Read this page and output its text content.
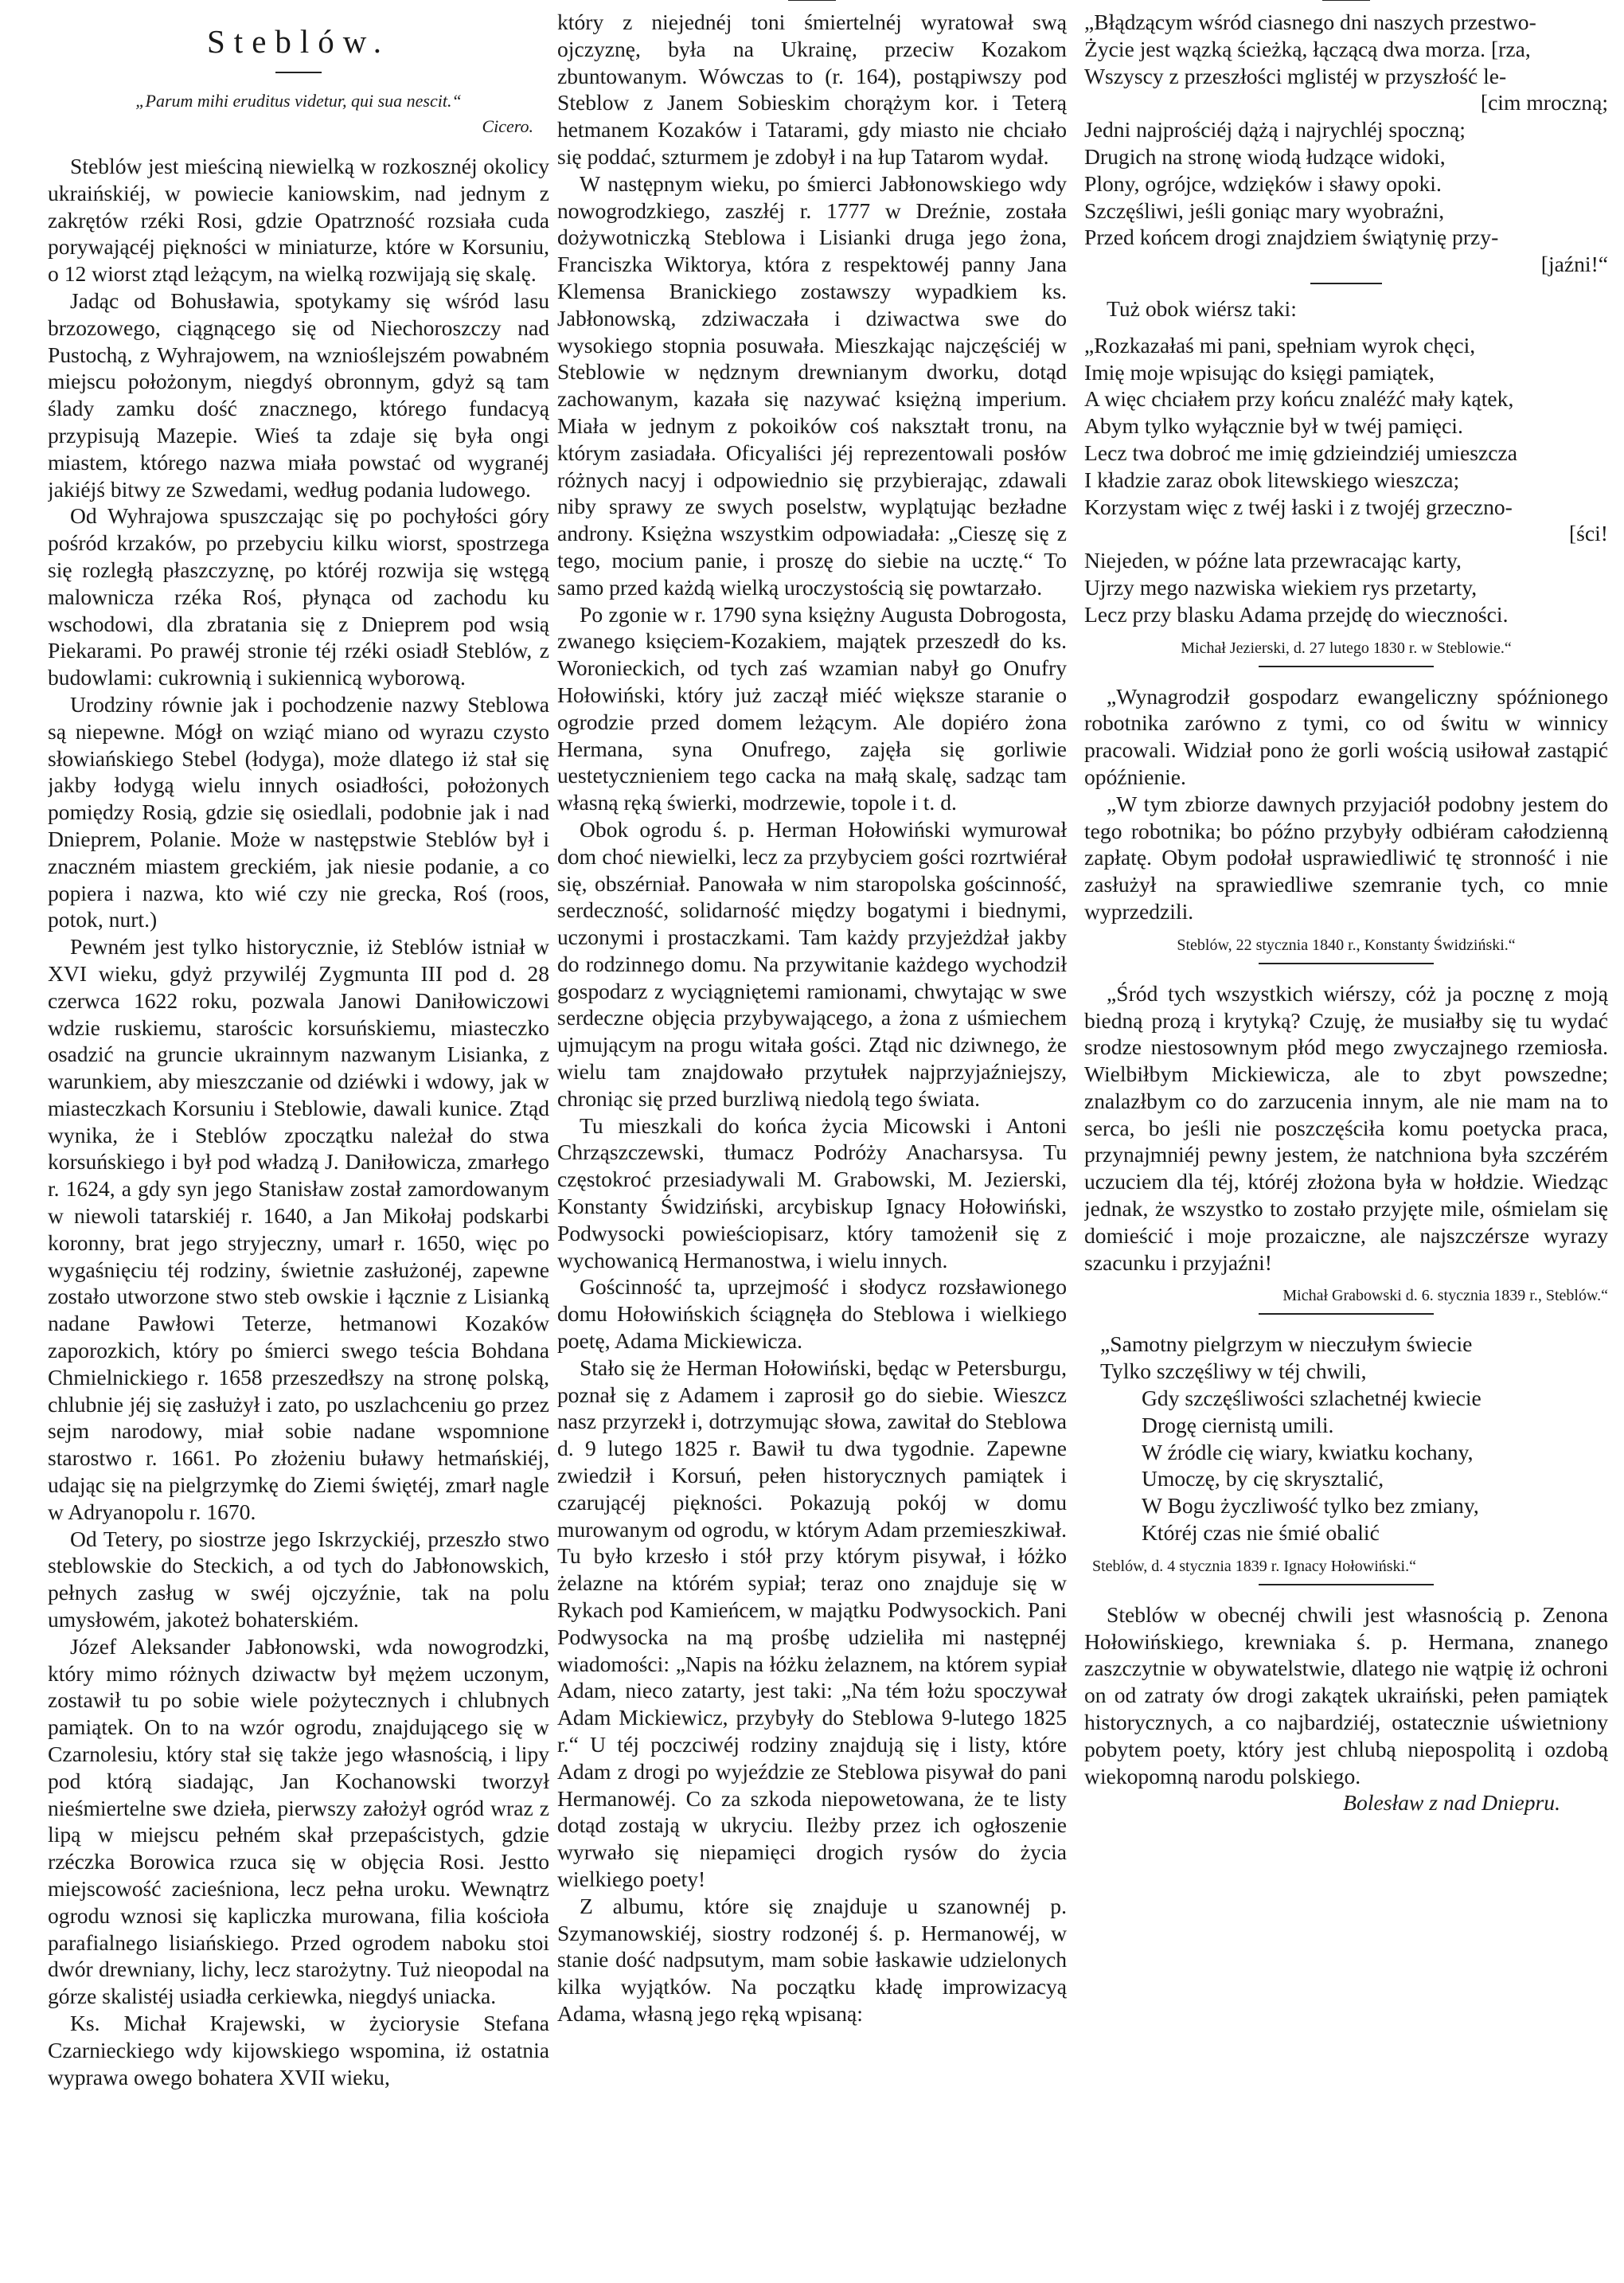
Steblów.
„Parum mihi eruditus videtur, qui sua nescit.“
Cicero.

Steblów jest mieściną niewielką w rozkosznéj okolicy ukraińskiéj, w powiecie kaniowskim, nad jednym z zakrętów rzéki Rosi, gdzie Opatrzność rozsiała cuda porywającéj piękności w miniaturze, które w Korsuniu, o 12 wiorst ztąd leżącym, na wielką rozwijają się skalę.

Jadąc od Bohusławia, spotykamy się wśród lasu brzozowego, ciągnącego się od Niechoroszczy nad Pustochą, z Wyhrajowem, na wznioślejszém powabném miejscu położonym, niegdyś obronnym, gdyż są tam ślady zamku dość znacznego, którego fundacyą przypisują Mazepie. Wieś ta zdaje się była ongi miastem, którego nazwa miała powstać od wygranéj jakiéjś bitwy ze Szwedami, według podania ludowego.

Od Wyhrajowa spuszczając się po pochyłości góry pośród krzaków, po przebyciu kilku wiorst, spostrzega się rozległą płaszczyznę, po któréj rozwija się wstęgą malownicza rzéka Roś, płynąca od zachodu ku wschodowi, dla zbratania się z Dnieprem pod wsią Piekarami. Po prawéj stronie téj rzéki osiadł Steblów, z budowlami: cukrownią i sukiennicą wyborową.

Urodziny równie jak i pochodzenie nazwy Steblowa są niepewne. Mógł on wziąć miano od wyrazu czysto słowiańskiego Stebel (łodyga), może dlatego iż stał się jakby łodygą wielu innych osiadłości, położonych pomiędzy Rosią, gdzie się osiedlali, podobnie jak i nad Dnieprem, Polanie. Może w następstwie Steblów był i znaczném miastem greckiém, jak niesie podanie, a co popiera i nazwa, kto wié czy nie grecka, Roś (roos, potok, nurt.)

Pewném jest tylko historycznie, iż Steblów istniał w XVI wieku, gdyż przywiléj Zygmunta III pod d. 28 czerwca 1622 roku, pozwala Janowi Daniłowiczowi wdzie ruskiemu, starościc korsuńskiemu, miasteczko osadzić na gruncie ukrainnym nazwanym Lisianka, z warunkiem, aby mieszczanie od dziéwki i wdowy, jak w miasteczkach Korsuniu i Steblowie, dawali kunice. Ztąd wynika, że i Steblów zpoczątku należał do stwa korsuńskiego i był pod władzą J. Daniłowicza, zmarłego r. 1624, a gdy syn jego Stanisław został zamordowanym w niewoli tatarskiéj r. 1640, a Jan Mikołaj podskarbi koronny, brat jego stryjeczny, umarł r. 1650, więc po wygaśnięciu téj rodziny, świetnie zasłużonéj, zapewne zostało utworzone stwo steb owskie i łącznie z Lisianką nadane Pawłowi Teterze, hetmanowi Kozaków zaporozkich, który po śmierci swego teścia Bohdana Chmielnickiego r. 1658 przeszedłszy na stronę polską, chlubnie jéj się zasłużył i zato, po uszlachceniu go przez sejm narodowy, miał sobie nadane wspomnione starostwo r. 1661. Po złożeniu buławy hetmańskiéj, udając się na pielgrzymkę do Ziemi świętéj, zmarł nagle w Adryanopolu r. 1670.

Od Tetery, po siostrze jego Iskrzyckiéj, przeszło stwo steblowskie do Steckich, a od tych do Jabłonowskich, pełnych zasług w swéj ojczyźnie, tak na polu umysłowém, jakoteż bohaterskiém.

Józef Aleksander Jabłonowski, wda nowogrodzki, który mimo różnych dziwactw był mężem uczonym, zostawił tu po sobie wiele pożytecznych i chlubnych pamiątek. On to na wzór ogrodu, znajdującego się w Czarnolesiu, który stał się także jego własnością, i lipy pod którą siadając, Jan Kochanowski tworzył nieśmiertelne swe dzieła, pierwszy założył ogród wraz z lipą w miejscu pełném skał przepaścistych, gdzie rzéczka Borowica rzuca się w objęcia Rosi. Jestto miejscowość zacieśniona, lecz pełna uroku. Wewnątrz ogrodu wznosi się kapliczka murowana, filia kościoła parafialnego lisiańskiego. Przed ogrodem naboku stoi dwór drewniany, lichy, lecz starożytny. Tuż nieopodal na górze skalistéj usiadła cerkiewka, niegdyś uniacka.

Ks. Michał Krajewski, w życiorysie Stefana Czarnieckiego wdy kijowskiego wspomina, iż ostatnia wyprawa owego bohatera XVII wieku,

który z niejednéj toni śmiertelnéj wyratował swą ojczyznę, była na Ukrainę, przeciw Kozakom zbuntowanym. Wówczas to (r. 164), postąpiwszy pod Steblow z Janem Sobieskim chorążym kor. i Teterą hetmanem Kozaków i Tatarami, gdy miasto nie chciało się poddać, szturmem je zdobył i na łup Tatarom wydał.

W następnym wieku, po śmierci Jabłonowskiego wdy nowogrodzkiego, zaszłéj r. 1777 w Dreźnie, została dożywotniczką Steblowa i Lisianki druga jego żona, Franciszka Wiktorya, która z respektowéj panny Jana Klemensa Branickiego zostawszy wypadkiem ks. Jabłonowską, zdziwaczała i dziwactwa swe do wysokiego stopnia posuwała. Mieszkając najczęściéj w Steblowie w nędznym drewnianym dworku, dotąd zachowanym, kazała się nazywać księżną imperium. Miała w jednym z pokoików coś nakształt tronu, na którym zasiadała. Oficyaliści jéj reprezentowali posłów różnych nacyj i odpowiednio się przybierając, zdawali niby sprawy ze swych poselstw, wyplątując bezładne androny. Księżna wszystkim odpowiadała: „Cieszę się z tego, mocium panie, i proszę do siebie na ucztę.“ To samo przed każdą wielką uroczystością się powtarzało.

Po zgonie w r. 1790 syna księżny Augusta Dobrogosta, zwanego księciem-Kozakiem, majątek przeszedł do ks. Woronieckich, od tych zaś wzamian nabył go Onufry Hołowiński, który już zaczął miéć większe staranie o ogrodzie przed domem leżącym. Ale dopiéro żona Hermana, syna Onufrego, zajęła się gorliwie uestetycznieniem tego cacka na małą skalę, sadząc tam własną ręką świerki, modrzewie, topole i t. d.

Obok ogrodu ś. p. Herman Hołowiński wymurował dom choć niewielki, lecz za przybyciem gości rozrtwiérał się, obszérniał. Panowała w nim staropolska gościnność, serdeczność, solidarność między bogatymi i biednymi, uczonymi i prostaczkami. Tam każdy przyjeżdżał jakby do rodzinnego domu. Na przywitanie każdego wychodził gospodarz z wyciągniętemi ramionami, chwytając w swe serdeczne objęcia przybywającego, a żona z uśmiechem ujmującym na progu witała gości. Ztąd nic dziwnego, że wielu tam znajdowało przytułek najprzyjaźniejszy, chroniąc się przed burzliwą niedolą tego świata.

Tu mieszkali do końca życia Micowski i Antoni Chrząszczewski, tłumacz Podróży Anacharsysa. Tu częstokroć przesiadywali M. Grabowski, M. Jezierski, Konstanty Świdziński, arcybiskup Ignacy Hołowiński, Podwysocki powieściopisarz, który tamożenił się z wychowanicą Hermanostwa, i wielu innych.

Gościnność ta, uprzejmość i słodycz rozsławionego domu Hołowińskich ściągnęła do Steblowa i wielkiego poetę, Adama Mickiewicza.

Stało się że Herman Hołowiński, będąc w Petersburgu, poznał się z Adamem i zaprosił go do siebie. Wieszcz nasz przyrzekł i, dotrzymując słowa, zawitał do Steblowa d. 9 lutego 1825 r. Bawił tu dwa tygodnie. Zapewne zwiedził i Korsuń, pełen historycznych pamiątek i czarującéj piękności. Pokazują pokój w domu murowanym od ogrodu, w którym Adam przemieszkiwał. Tu było krzesło i stół przy którym pisywał, i łóżko żelazne na którém sypiał; teraz ono znajduje się w Rykach pod Kamieńcem, w majątku Podwysockich. Pani Podwysocka na mą prośbę udzieliła mi następnéj wiadomości: „Napis na łóżku żelaznem, na którem sypiał Adam, nieco zatarty, jest taki: „Na tém łożu spoczywał Adam Mickiewicz, przybyły do Steblowa 9-lutego 1825 r.“ U téj poczciwéj rodziny znajdują się i listy, które Adam z drogi po wyjeździe ze Steblowa pisywał do pani Hermanowéj. Co za szkoda niepowetowana, że te listy dotąd zostają w ukryciu. Ileżby przez ich ogłoszenie wyrwało się niepamięci drogich rysów do życia wielkiego poety!

Z albumu, które się znajduje u szanownéj p. Szymanowskiéj, siostry rodzonéj ś. p. Hermanowéj, w stanie dość nadpsutym, mam sobie łaskawie udzielonych kilka wyjątków. Na początku kładę improwizacyą Adama, własną jego ręką wpisaną:

„Błądzącym wśród ciasnego dni naszych przestwo-
Życie jest wązką ścieżką, łączącą dwa morza. [rza,
Wszyscy z przeszłości mglistéj w przyszłość le-
[cim mroczną;
Jedni najprościéj dążą i najrychléj spoczną;
Drugich na stronę wiodą łudzące widoki,
Plony, ogrójce, wdzięków i sławy opoki.
Szczęśliwi, jeśli goniąc mary wyobraźni,
Przed końcem drogi znajdziem świątynię przy-
[jaźni!“

Tuż obok wiérsz taki:

„Rozkazałaś mi pani, spełniam wyrok chęci,
Imię moje wpisując do księgi pamiątek,
A więc chciałem przy końcu znaléźć mały kątek,
Abym tylko wyłącznie był w twéj pamięci.
Lecz twa dobroć me imię gdzieindziéj umieszcza
I kładzie zaraz obok litewskiego wieszcza;
Korzystam więc z twéj łaski i z twojéj grzeczno-
[ści!
Niejeden, w późne lata przewracając karty,
Ujrzy mego nazwiska wiekiem rys przetarty,
Lecz przy blasku Adama przejdę do wieczności.
Michał Jezierski, d. 27 lutego 1830 r. w Steblowie.“

„Wynagrodził gospodarz ewangeliczny spóźnionego robotnika zarówno z tymi, co od świtu w winnicy pracowali. Widział pono że gorli wością usiłował zastąpić opóźnienie.

„W tym zbiorze dawnych przyjaciół podobny jestem do tego robotnika; bo późno przybyły odbiéram całodzienną zapłatę. Obym podołał usprawiedliwić tę stronność i nie zasłużył na sprawiedliwe szemranie tych, co mnie wyprzedzili.

Steblów, 22 stycznia 1840 r., Konstanty Świdziński.“

„Śród tych wszystkich wiérszy, cóż ja pocznę z moją biedną prozą i krytyką? Czuję, że musiałby się tu wydać srodze niestosownym płód mego zwyczajnego rzemiosła. Wielbiłbym Mickiewicza, ale to zbyt powszedne; znalazłbym co do zarzucenia innym, ale nie mam na to serca, bo jeśli nie poszczęściła komu poetycka praca, przynajmniéj pewny jestem, że natchniona była szczérém uczuciem dla téj, któréj złożona była w hołdzie. Wiedząc jednak, że wszystko to zostało przyjęte mile, ośmielam się domieścić i moje prozaiczne, ale najszczérsze wyrazy szacunku i przyjaźni!

Michał Grabowski d. 6. stycznia 1839 r., Steblów.“
„Samotny pielgrzym w nieczułym świecie
Tylko szczęśliwy w téj chwili,
Gdy szczęśliwości szlachetnéj kwiecie
Drogę ciernistą umili.
W źródle cię wiary, kwiatku kochany,
Umoczę, by cię skrysztalić,
W Bogu życzliwość tylko bez zmiany,
Któréj czas nie śmié obalić
Steblów, d. 4 stycznia 1839 r. Ignacy Hołowiński.“

Steblów w obecnéj chwili jest własnością p. Zenona Hołowińskiego, krewniaka ś. p. Hermana, znanego zaszczytnie w obywatelstwie, dlatego nie wątpię iż ochroni on od zatraty ów drogi zakątek ukraiński, pełen pamiątek historycznych, a co najbardziéj, ostatecznie uświetniony pobytem poety, który jest chlubą niepospolitą i ozdobą wiekopomną narodu polskiego.

Bolesław z nad Dniepru.
